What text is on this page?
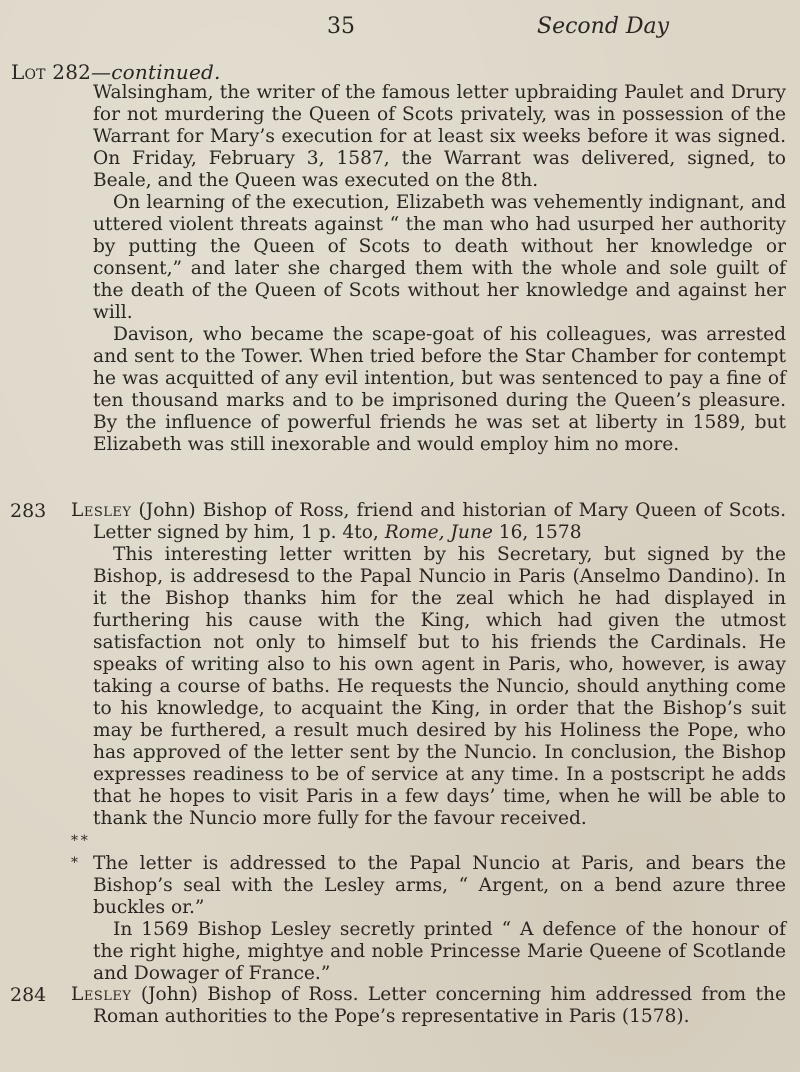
35	Second Day
Lot 282—continued.

Walsingham, the writer of the famous letter upbraiding Paulet and Drury for not murdering the Queen of Scots privately, was in possession of the Warrant for Mary’s execution for at least six weeks before it was signed. On Friday, February 3, 1587, the Warrant was delivered, signed, to Beale, and the Queen was executed on the 8th.

On learning of the execution, Elizabeth was vehemently indignant, and uttered violent threats against “ the man who had usurped her authority by putting the Queen of Scots to death without her knowledge or consent,” and later she charged them with the whole and sole guilt of the death of the Queen of Scots without her knowledge and against her will.

Davison, who became the scape-goat of his colleagues, was arrested and sent to the Tower. When tried before the Star Chamber for contempt he was acquitted of any evil intention, but was sentenced to pay a fine of ten thousand marks and to be imprisoned during the Queen’s pleasure. By the influence of powerful friends he was set at liberty in 1589, but Elizabeth was still inexorable and would employ him no more.

283 Lesley (John) Bishop of Ross, friend and historian of Mary Queen of Scots. Letter signed by him, 1 p. 4to, Rome, June 16, 1578

This interesting letter written by his Secretary, but signed by the Bishop, is addresesd to the Papal Nuncio in Paris (Anselmo Dandino). In it the Bishop thanks him for the zeal which he had displayed in furthering his cause with the King, which had given the utmost satisfaction not only to himself but to his friends the Cardinals. He speaks of writing also to his own agent in Paris, who, however, is away taking a course of baths. He requests the Nuncio, should anything come to his knowledge, to acquaint the King, in order that the Bishop’s suit may be furthered, a result much desired by his Holiness the Pope, who has approved of the letter sent by the Nuncio. In conclusion, the Bishop expresses readiness to be of service at any time. In a postscript he adds that he hopes to visit Paris in a few days’ time, when he will be able to thank the Nuncio more fully for the favour received.

* * * The letter is addressed to the Papal Nuncio at Paris, and bears the Bishop’s seal with the Lesley arms, “ Argent, on a bend azure three buckles or.”

In 1569 Bishop Lesley secretly printed “ A defence of the honour of the right highe, mightye and noble Princesse Marie Queene of Scotlande and Dowager of France.”

284 Lesley (John) Bishop of Ross. Letter concerning him addressed from the Roman authorities to the Pope’s representative in Paris (1578).
